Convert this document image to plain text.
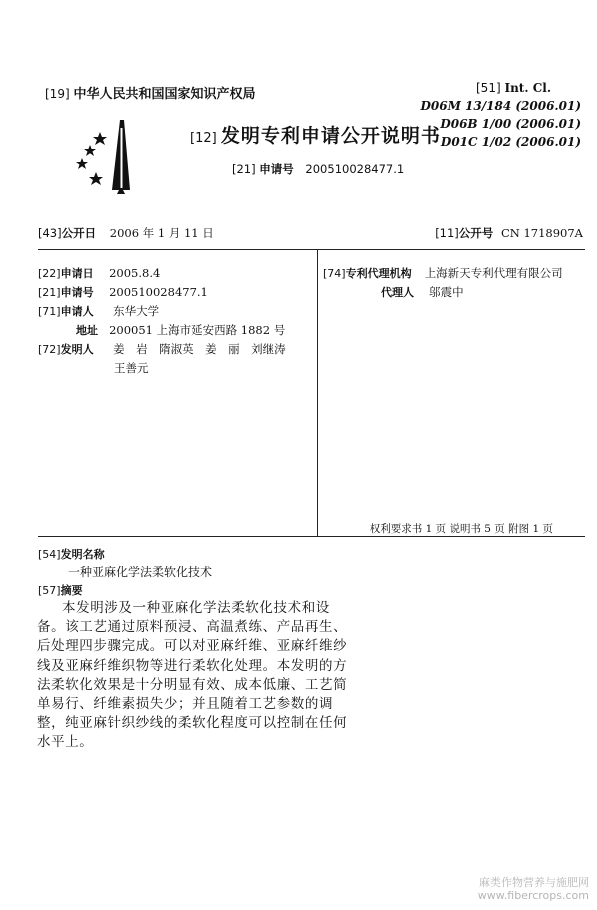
[19] 中华人民共和国国家知识产权局
[12] 发明专利申请公开说明书
[21] 申请号 200510028477.1
[51] Int. Cl.
D06M 13/184 (2006.01)
D06B 1/00 (2006.01)
D01C 1/02 (2006.01)
[43]公开日 2006 年 1 月 11 日	[11]公开号 CN 1718907A
[22]申请日 2005.8.4
[21]申请号 200510028477.1
[71]申请人 东华大学
地址 200051 上海市延安西路 1882 号
[72]发明人 姜　岩　隋淑英　姜　丽　刘继涛
王善元
[74]专利代理机构 上海新天专利代理有限公司
代理人 邬震中
权利要求书 1 页 说明书 5 页 附图 1 页
[54]发明名称
一种亚麻化学法柔软化技术
[57]摘要

本发明涉及一种亚麻化学法柔软化技术和设

备。该工艺通过原料预浸、高温煮练、产品再生、

后处理四步骤完成。可以对亚麻纤维、亚麻纤维纱

线及亚麻纤维织物等进行柔软化处理。本发明的方

法柔软化效果是十分明显有效、成本低廉、工艺简

单易行、纤维素损失少；并且随着工艺参数的调

整，纯亚麻针织纱线的柔软化程度可以控制在任何

水平上。

麻类作物营养与施肥网
www.fibercrops.com
